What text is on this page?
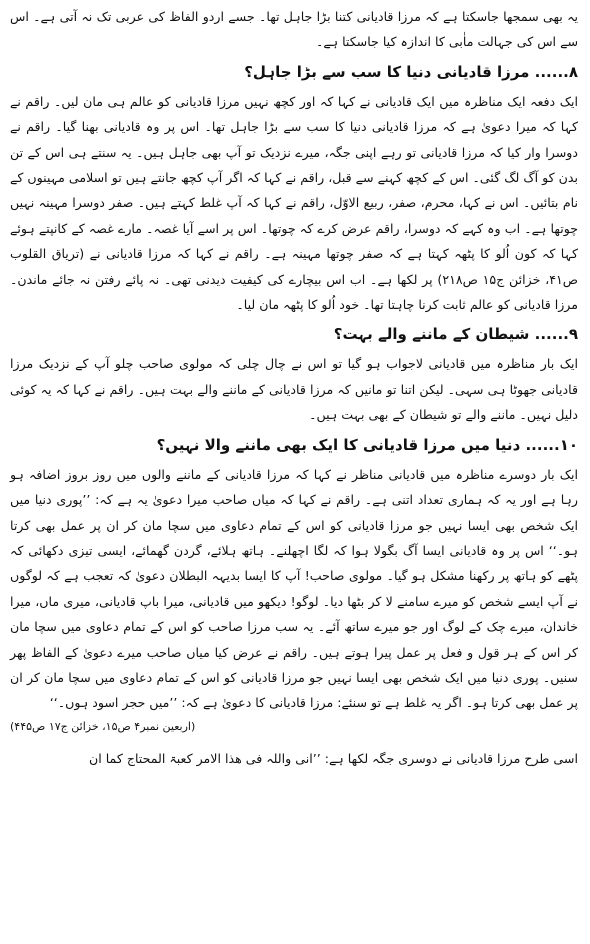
یہ بھی سمجھا جاسکتا ہے کہ مرزا قادیانی کتنا بڑا جاہل تھا۔ جسے اردو الفاظ کی عربی تک نہ آتی ہے۔ اس سے اس کی جہالت ماٰبی کا اندازہ کیا جاسکتا ہے۔

۸...... مرزا قادیانی دنیا کا سب سے بڑا جاہل؟

ایک دفعہ ایک مناظرہ میں ایک قادیانی نے کہا کہ اور کچھ نہیں مرزا قادیانی کو عالم ہی مان لیں۔ راقم نے کہا کہ میرا دعویٰ ہے کہ مرزا قادیانی دنیا کا سب سے بڑا جاہل تھا۔ اس پر وہ قادیانی بھنا گیا۔ راقم نے دوسرا وار کیا کہ مرزا قادیانی تو رہے اپنی جگہ، میرے نزدیک تو آپ بھی جاہل ہیں۔ یہ سنتے ہی اس کے تن بدن کو آگ لگ گئی۔ اس کے کچھ کہنے سے قبل، راقم نے کہا کہ اگر آپ کچھ جانتے ہیں تو اسلامی مہینوں کے نام بتائیں۔ اس نے کہا، محرم، صفر، ربیع الاوّل، راقم نے کہا کہ آپ غلط کہتے ہیں۔ صفر دوسرا مہینہ نہیں چوتھا ہے۔ اب وہ کہے کہ دوسرا، راقم عرض کرے کہ چوتھا۔ اس پر اسے آیا غصہ۔ مارے غصہ کے کانپتے ہوئے کہا کہ کون اُلو کا پٹھہ کہتا ہے کہ صفر چوتھا مہینہ ہے۔ راقم نے کہا کہ مرزا قادیانی نے (تریاق القلوب ص۴۱، خزائن ج۱۵ ص۲۱۸) پر لکھا ہے۔ اب اس بیچارے کی کیفیت دیدنی تھی۔ نہ پائے رفتن نہ جائے ماندن۔ مرزا قادیانی کو عالم ثابت کرنا چاہتا تھا۔ خود اُلو کا پٹھہ مان لیا۔

۹...... شیطان کے ماننے والے بہت؟

ایک بار مناظرہ میں قادیانی لاجواب ہو گیا تو اس نے چال چلی کہ مولوی صاحب چلو آپ کے نزدیک مرزا قادیانی جھوٹا ہی سہی۔ لیکن اتنا تو مانیں کہ مرزا قادیانی کے ماننے والے بہت ہیں۔ راقم نے کہا کہ یہ کوئی دلیل نہیں۔ ماننے والے تو شیطان کے بھی بہت ہیں۔

۱۰...... دنیا میں مرزا قادیانی کا ایک بھی ماننے والا نہیں؟

ایک بار دوسرے مناظرہ میں قادیانی مناظر نے کہا کہ مرزا قادیانی کے ماننے والوں میں روز بروز اضافہ ہو رہا ہے اور یہ کہ ہماری تعداد اتنی ہے۔ راقم نے کہا کہ میاں صاحب میرا دعویٰ یہ ہے کہ: ’’پوری دنیا میں ایک شخص بھی ایسا نہیں جو مرزا قادیانی کو اس کے تمام دعاوی میں سچا مان کر ان پر عمل بھی کرتا ہو۔‘‘ اس پر وہ قادیانی ایسا آگ بگولا ہوا کہ لگا اچھلنے۔ ہاتھ ہلائے، گردن گھمائے، ایسی تیزی دکھائی کہ پٹھے کو ہاتھ پر رکھنا مشکل ہو گیا۔ مولوی صاحب! آپ کا ایسا بدیہہ البطلان دعویٰ کہ تعجب ہے کہ لوگوں نے آپ ایسے شخص کو میرے سامنے لا کر بٹھا دیا۔ لوگو! دیکھو میں قادیانی، میرا باپ قادیانی، میری ماں، میرا خاندان، میرے چک کے لوگ اور جو میرے ساتھ آئے۔ یہ سب مرزا صاحب کو اس کے تمام دعاوی میں سچا مان کر اس کے ہر قول و فعل پر عمل پیرا ہوتے ہیں۔ راقم نے عرض کیا میاں صاحب میرے دعویٰ کے الفاظ پھر سنیں۔ پوری دنیا میں ایک شخص بھی ایسا نہیں جو مرزا قادیانی کو اس کے تمام دعاوی میں سچا مان کر ان پر عمل بھی کرتا ہو۔ اگر یہ غلط ہے تو سنئے: مرزا قادیانی کا دعویٰ ہے کہ: ’’میں حجر اسود ہوں۔‘‘

(اربعین نمبر۴ ص۱۵، خزائن ج۱۷ ص۴۴۵)

اسی طرح مرزا قادیانی نے دوسری جگہ لکھا ہے: ’’انی واللہ فی ھذا الامر کعبۃ المحتاج کما ان
